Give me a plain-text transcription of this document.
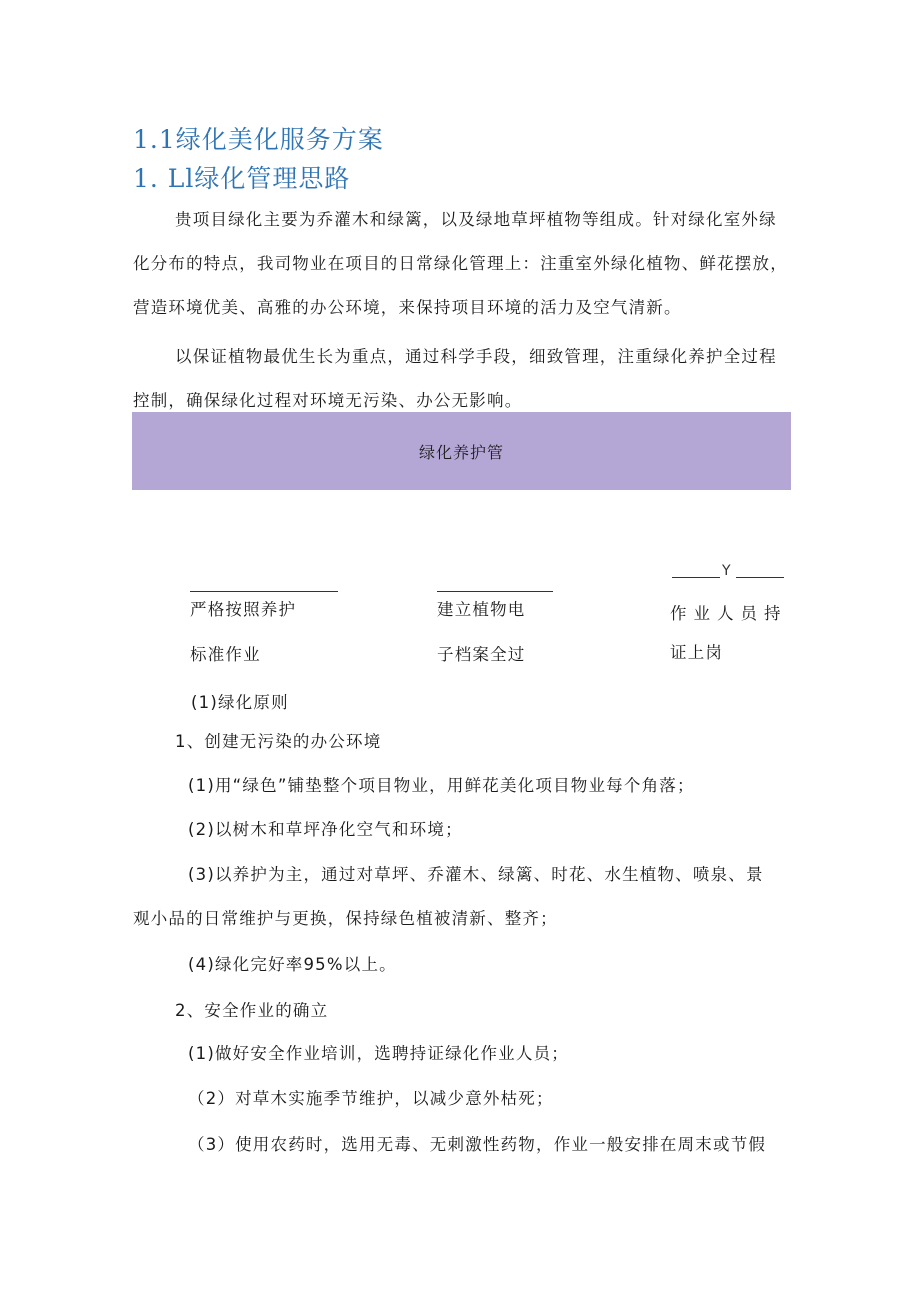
1.1绿化美化服务方案
1. Ll绿化管理思路
贵项目绿化主要为乔灌木和绿篱，以及绿地草坪植物等组成。针对绿化室外绿化分布的特点，我司物业在项目的日常绿化管理上：注重室外绿化植物、鲜花摆放，营造环境优美、高雅的办公环境，来保持项目环境的活力及空气清新。
以保证植物最优生长为重点，通过科学手段，细致管理，注重绿化养护全过程控制，确保绿化过程对环境无污染、办公无影响。
绿化养护管
Y
严格按照养护
标准作业
建立植物电
子档案全过
作业人员持
证上岗
(1)绿化原则
1、创建无污染的办公环境
(1)用“绿色”铺垫整个项目物业，用鲜花美化项目物业每个角落；
(2)以树木和草坪净化空气和环境；
(3)以养护为主，通过对草坪、乔灌木、绿篱、时花、水生植物、喷泉、景
观小品的日常维护与更换，保持绿色植被清新、整齐；
(4)绿化完好率95%以上。
2、安全作业的确立
(1)做好安全作业培训，选聘持证绿化作业人员；
（2）对草木实施季节维护，以减少意外枯死；
（3）使用农药时，选用无毒、无刺激性药物，作业一般安排在周末或节假
